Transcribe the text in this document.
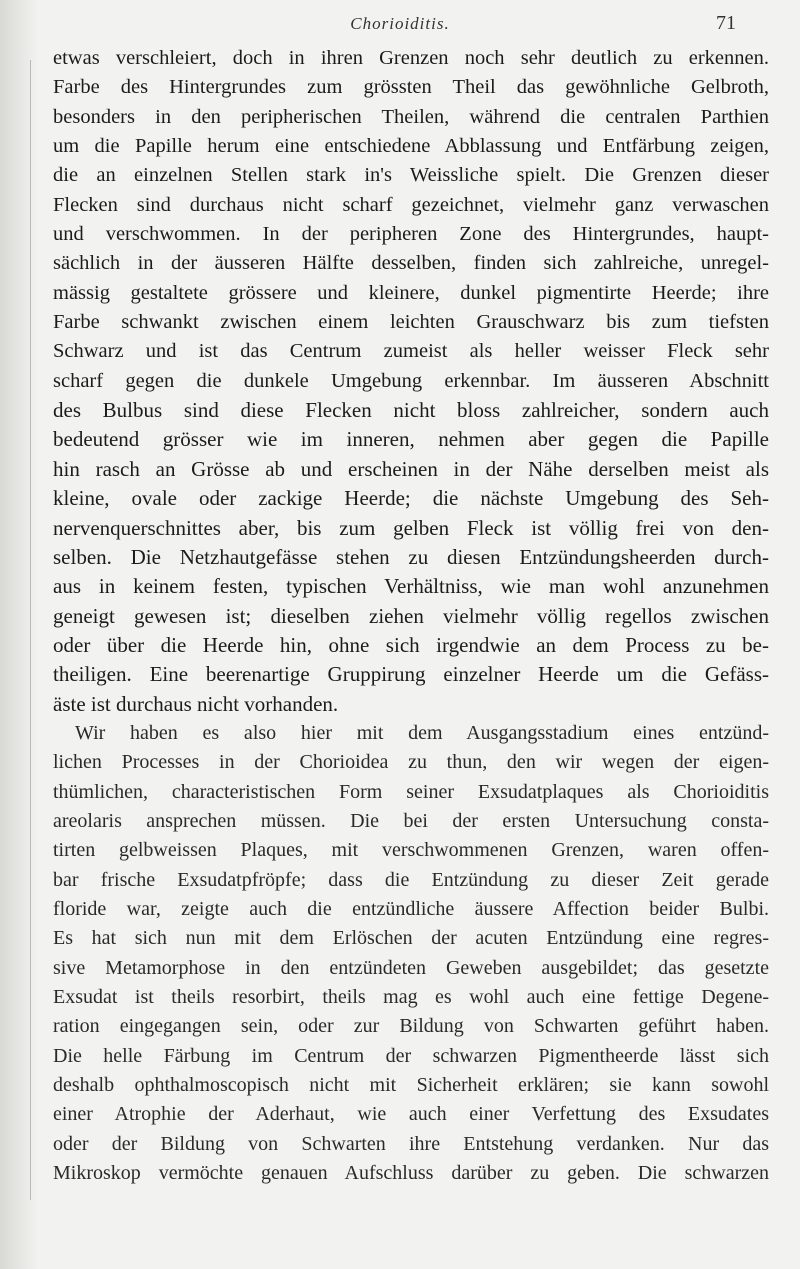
Chorioiditis.	71
etwas verschleiert, doch in ihren Grenzen noch sehr deutlich zu erkennen.
Farbe des Hintergrundes zum grössten Theil das gewöhnliche Gelbroth,
besonders in den peripherischen Theilen, während die centralen Parthien
um die Papille herum eine entschiedene Abblassung und Entfärbung zeigen,
die an einzelnen Stellen stark in's Weissliche spielt. Die Grenzen dieser
Flecken sind durchaus nicht scharf gezeichnet, vielmehr ganz verwaschen
und verschwommen. In der peripheren Zone des Hintergrundes, haupt-
sächlich in der äusseren Hälfte desselben, finden sich zahlreiche, unregel-
mässig gestaltete grössere und kleinere, dunkel pigmentirte Heerde; ihre
Farbe schwankt zwischen einem leichten Grauschwarz bis zum tiefsten
Schwarz und ist das Centrum zumeist als heller weisser Fleck sehr
scharf gegen die dunkele Umgebung erkennbar. Im äusseren Abschnitt
des Bulbus sind diese Flecken nicht bloss zahlreicher, sondern auch
bedeutend grösser wie im inneren, nehmen aber gegen die Papille
hin rasch an Grösse ab und erscheinen in der Nähe derselben meist als
kleine, ovale oder zackige Heerde; die nächste Umgebung des Seh-
nervenquerschnittes aber, bis zum gelben Fleck ist völlig frei von den-
selben. Die Netzhautgefässe stehen zu diesen Entzündungsheerden durch-
aus in keinem festen, typischen Verhältniss, wie man wohl anzunehmen
geneigt gewesen ist; dieselben ziehen vielmehr völlig regellos zwischen
oder über die Heerde hin, ohne sich irgendwie an dem Process zu be-
theiligen. Eine beerenartige Gruppirung einzelner Heerde um die Gefäss-
äste ist durchaus nicht vorhanden.
Wir haben es also hier mit dem Ausgangsstadium eines entzünd-
lichen Processes in der Chorioidea zu thun, den wir wegen der eigen-
thümlichen, characteristischen Form seiner Exsudatplaques als Chorioiditis
areolaris ansprechen müssen. Die bei der ersten Untersuchung consta-
tirten gelbweissen Plaques, mit verschwommenen Grenzen, waren offen-
bar frische Exsudatpfröpfe; dass die Entzündung zu dieser Zeit gerade
floride war, zeigte auch die entzündliche äussere Affection beider Bulbi.
Es hat sich nun mit dem Erlöschen der acuten Entzündung eine regres-
sive Metamorphose in den entzündeten Geweben ausgebildet; das gesetzte
Exsudat ist theils resorbirt, theils mag es wohl auch eine fettige Degene-
ration eingegangen sein, oder zur Bildung von Schwarten geführt haben.
Die helle Färbung im Centrum der schwarzen Pigmentheerde lässt sich
deshalb ophthalmoscopisch nicht mit Sicherheit erklären; sie kann sowohl
einer Atrophie der Aderhaut, wie auch einer Verfettung des Exsudates
oder der Bildung von Schwarten ihre Entstehung verdanken. Nur das
Mikroskop vermöchte genauen Aufschluss darüber zu geben. Die schwarzen
